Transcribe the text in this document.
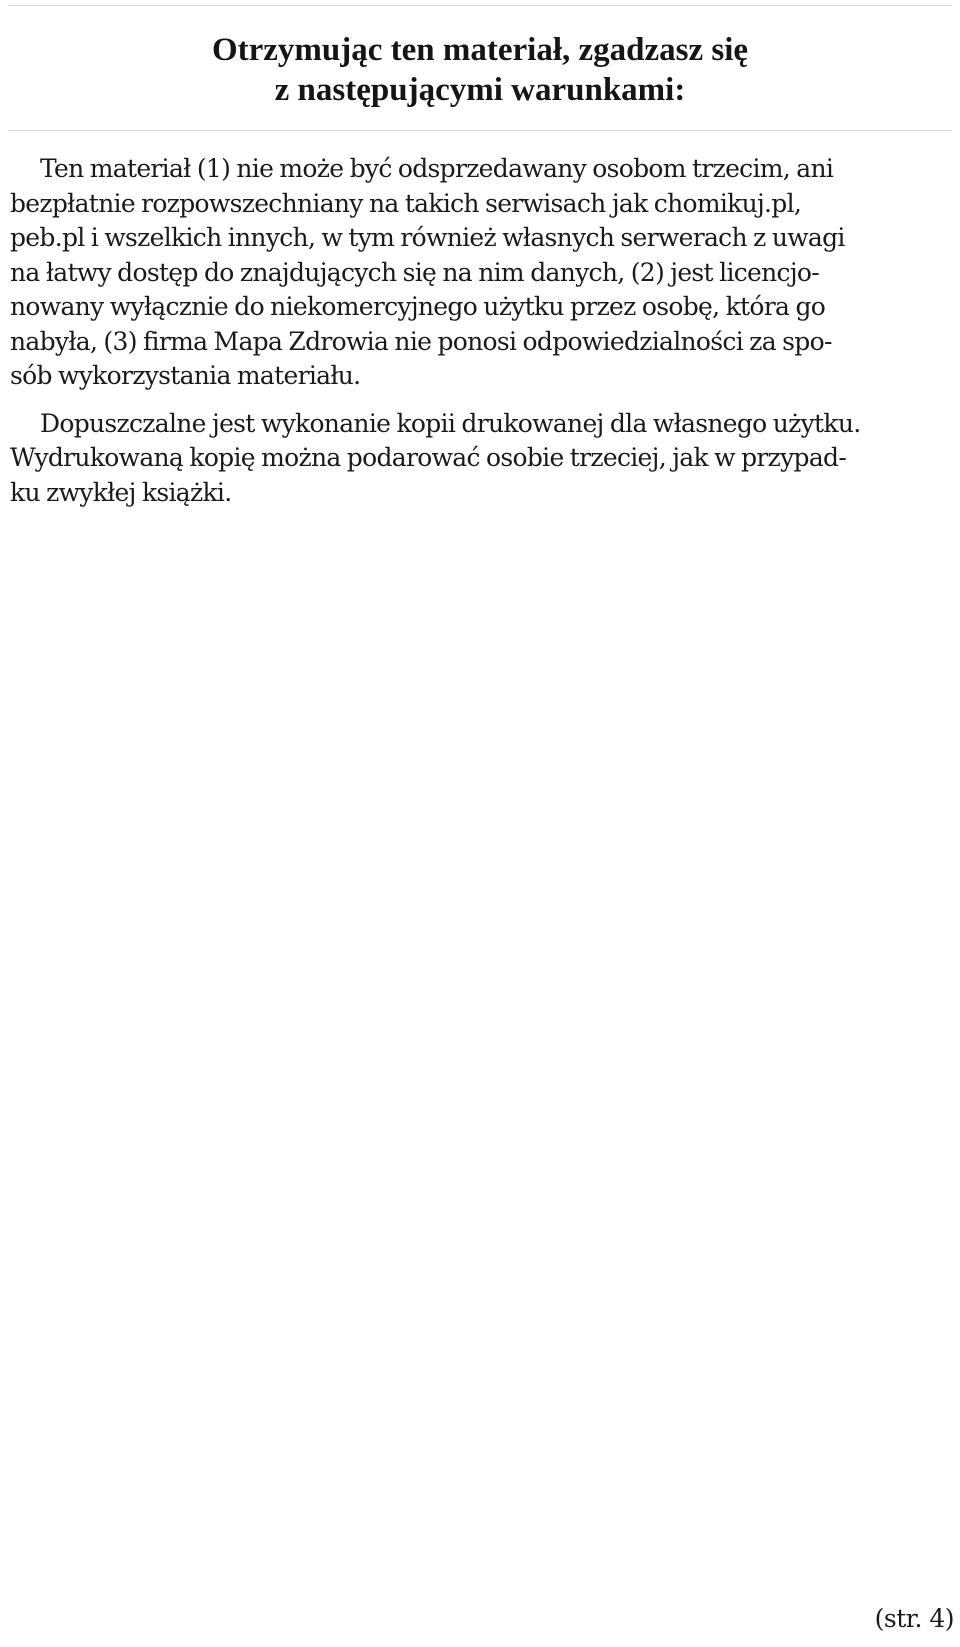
Otrzymując ten materiał, zgadzasz się
z następującymi warunkami:

Ten materiał (1) nie może być odsprzedawany osobom trzecim, ani
bezpłatnie rozpowszechniany na takich serwisach jak chomikuj.pl,
peb.pl i wszelkich innych, w tym również własnych serwerach z uwagi
na łatwy dostęp do znajdujących się na nim danych, (2) jest licencjo-
nowany wyłącznie do niekomercyjnego użytku przez osobę, która go
nabyła, (3) firma Mapa Zdrowia nie ponosi odpowiedzialności za spo-
sób wykorzystania materiału.

Dopuszczalne jest wykonanie kopii drukowanej dla własnego użytku.
Wydrukowaną kopię można podarować osobie trzeciej, jak w przypad-
ku zwykłej książki.

(str. 4)
